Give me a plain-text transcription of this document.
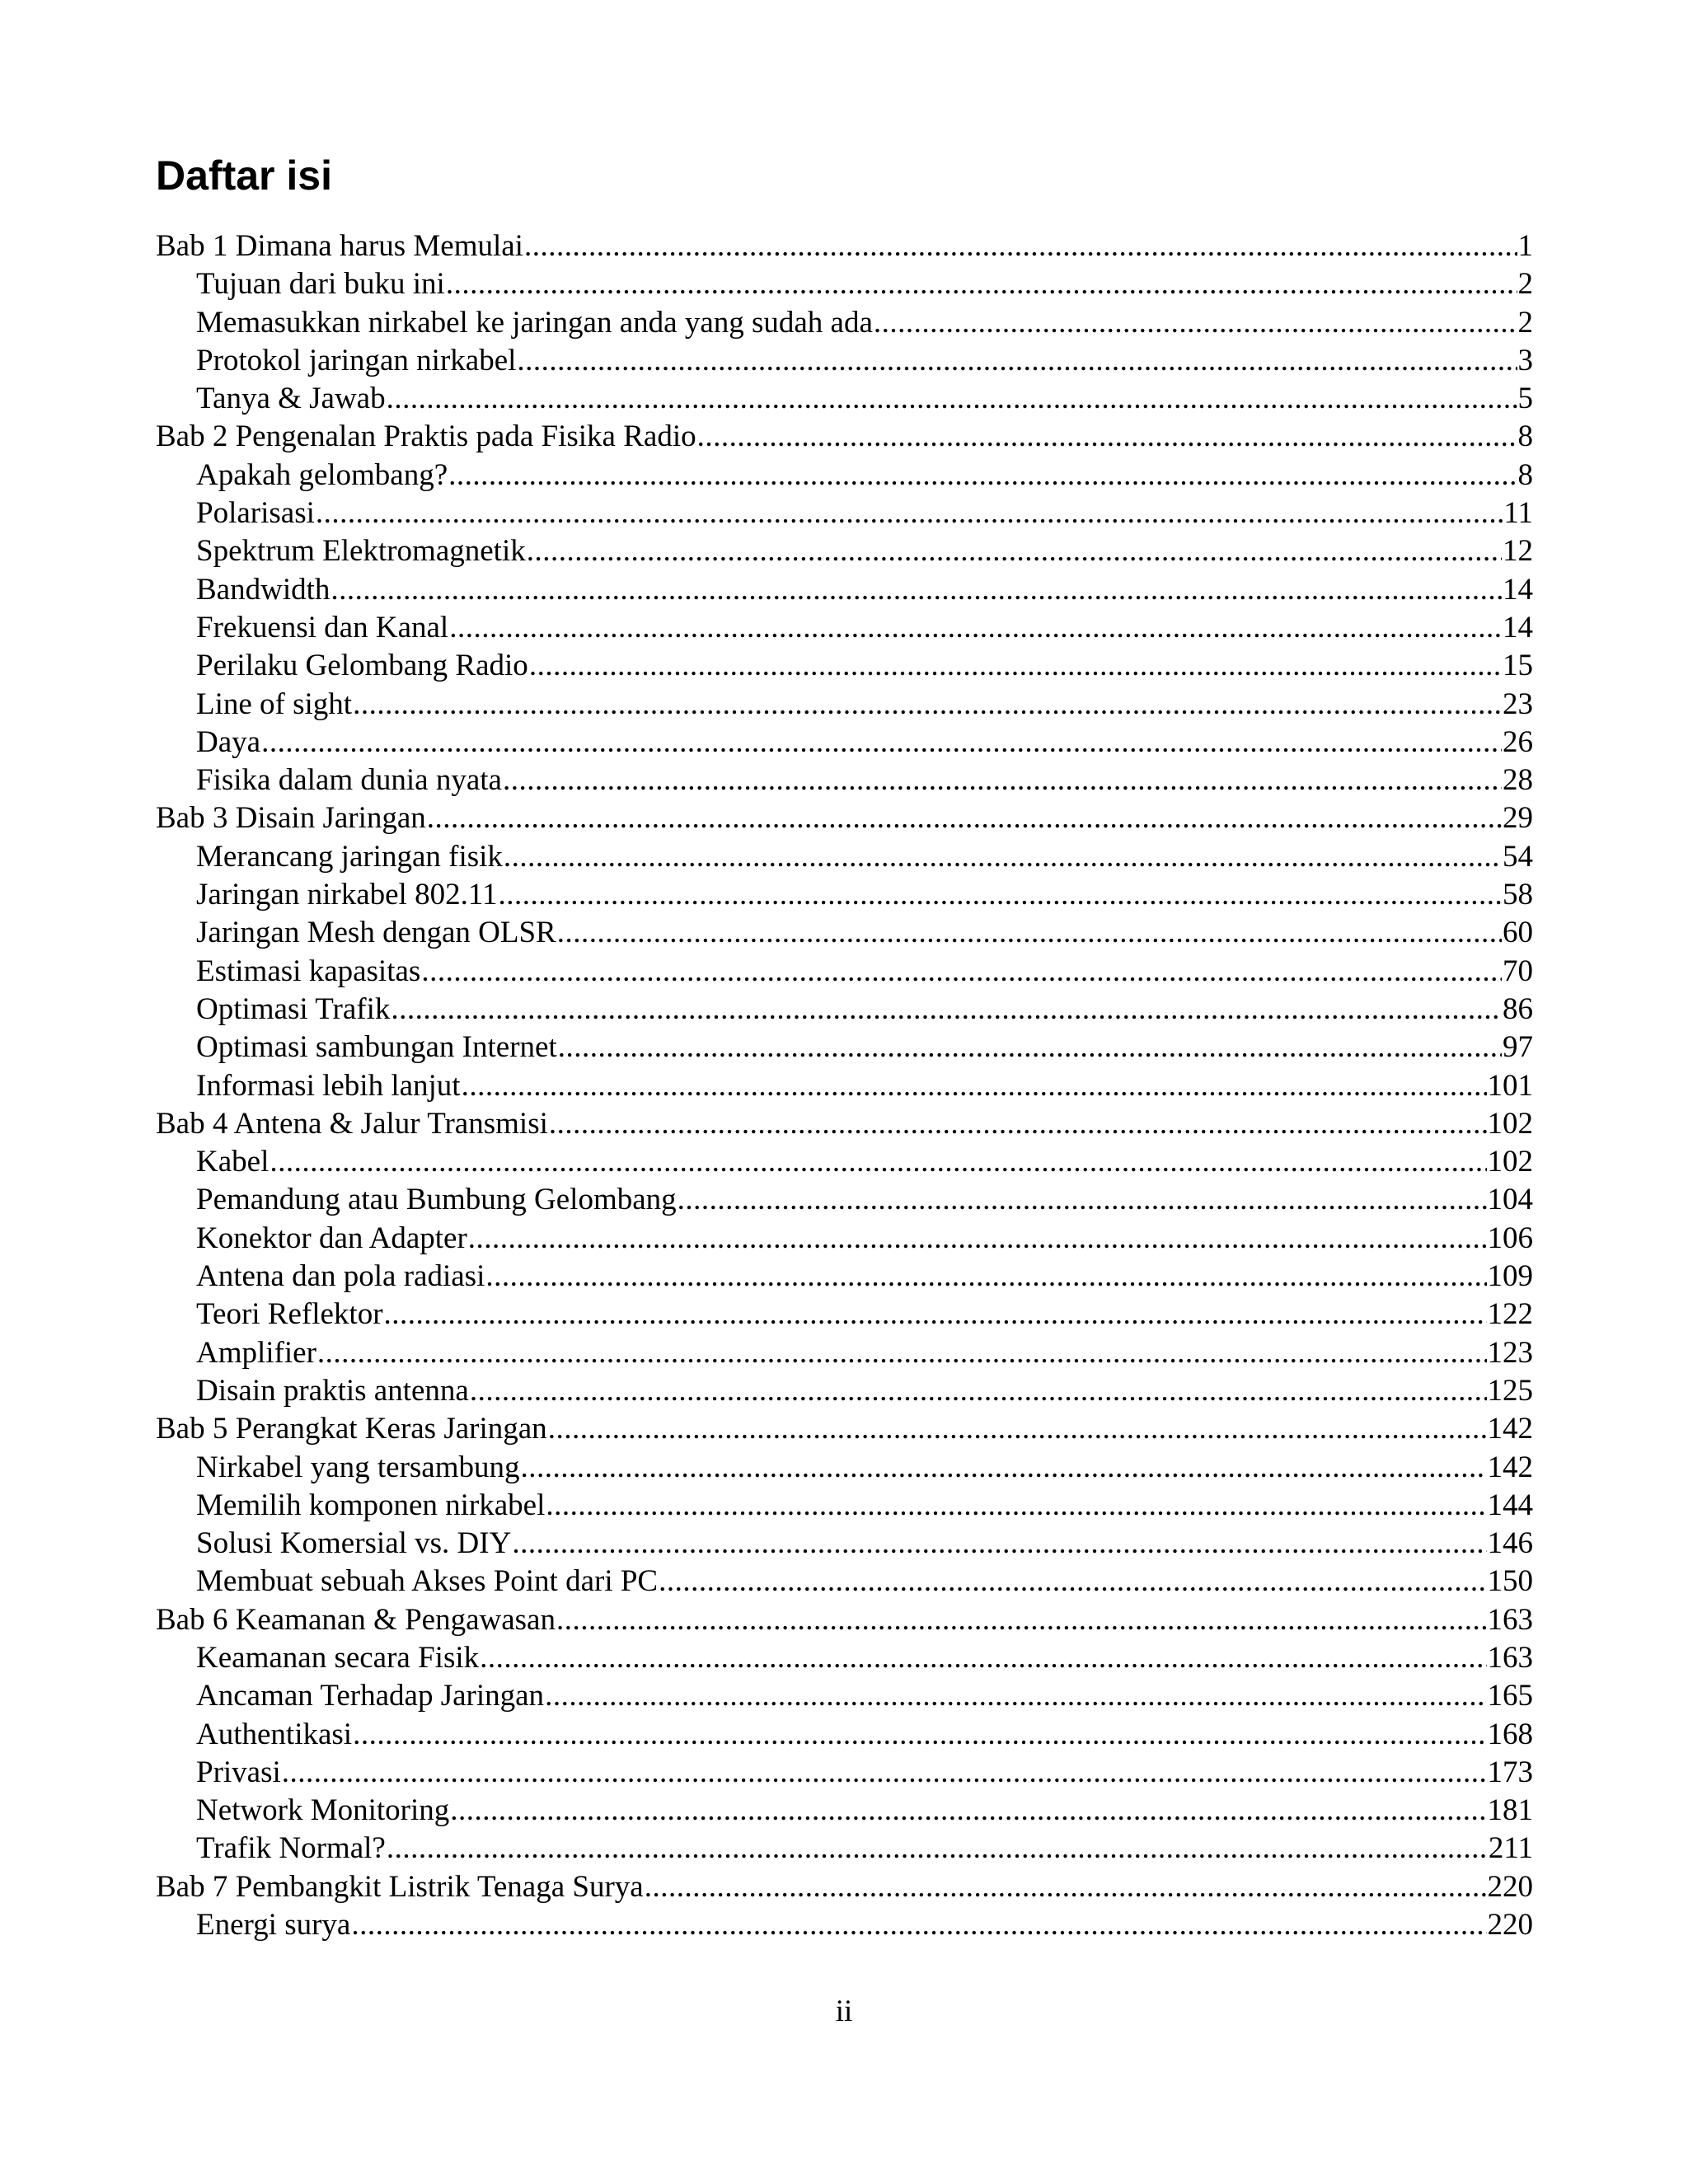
Daftar isi
Bab 1 Dimana harus Memulai .....	1
Tujuan dari buku ini .....	2
Memasukkan nirkabel ke jaringan anda yang sudah ada .....	2
Protokol jaringan nirkabel .....	3
Tanya & Jawab .....	5
Bab 2 Pengenalan Praktis pada Fisika Radio .....	8
Apakah gelombang? .....	8
Polarisasi .....	11
Spektrum Elektromagnetik .....	12
Bandwidth .....	14
Frekuensi dan Kanal .....	14
Perilaku Gelombang Radio .....	15
Line of sight .....	23
Daya .....	26
Fisika dalam dunia nyata .....	28
Bab 3 Disain Jaringan .....	29
Merancang jaringan fisik .....	54
Jaringan nirkabel 802.11 .....	58
Jaringan Mesh dengan OLSR .....	60
Estimasi kapasitas .....	70
Optimasi Trafik .....	86
Optimasi sambungan Internet .....	97
Informasi lebih lanjut .....	101
Bab 4 Antena & Jalur Transmisi .....	102
Kabel .....	102
Pemandung atau Bumbung Gelombang .....	104
Konektor dan Adapter .....	106
Antena dan pola radiasi .....	109
Teori Reflektor .....	122
Amplifier .....	123
Disain praktis antenna .....	125
Bab 5 Perangkat Keras Jaringan .....	142
Nirkabel yang tersambung .....	142
Memilih komponen nirkabel .....	144
Solusi Komersial vs. DIY .....	146
Membuat sebuah Akses Point dari PC .....	150
Bab 6 Keamanan & Pengawasan .....	163
Keamanan secara Fisik .....	163
Ancaman Terhadap Jaringan .....	165
Authentikasi .....	168
Privasi .....	173
Network Monitoring .....	181
Trafik Normal? .....	211
Bab 7 Pembangkit Listrik Tenaga Surya .....	220
Energi surya .....	220
ii
